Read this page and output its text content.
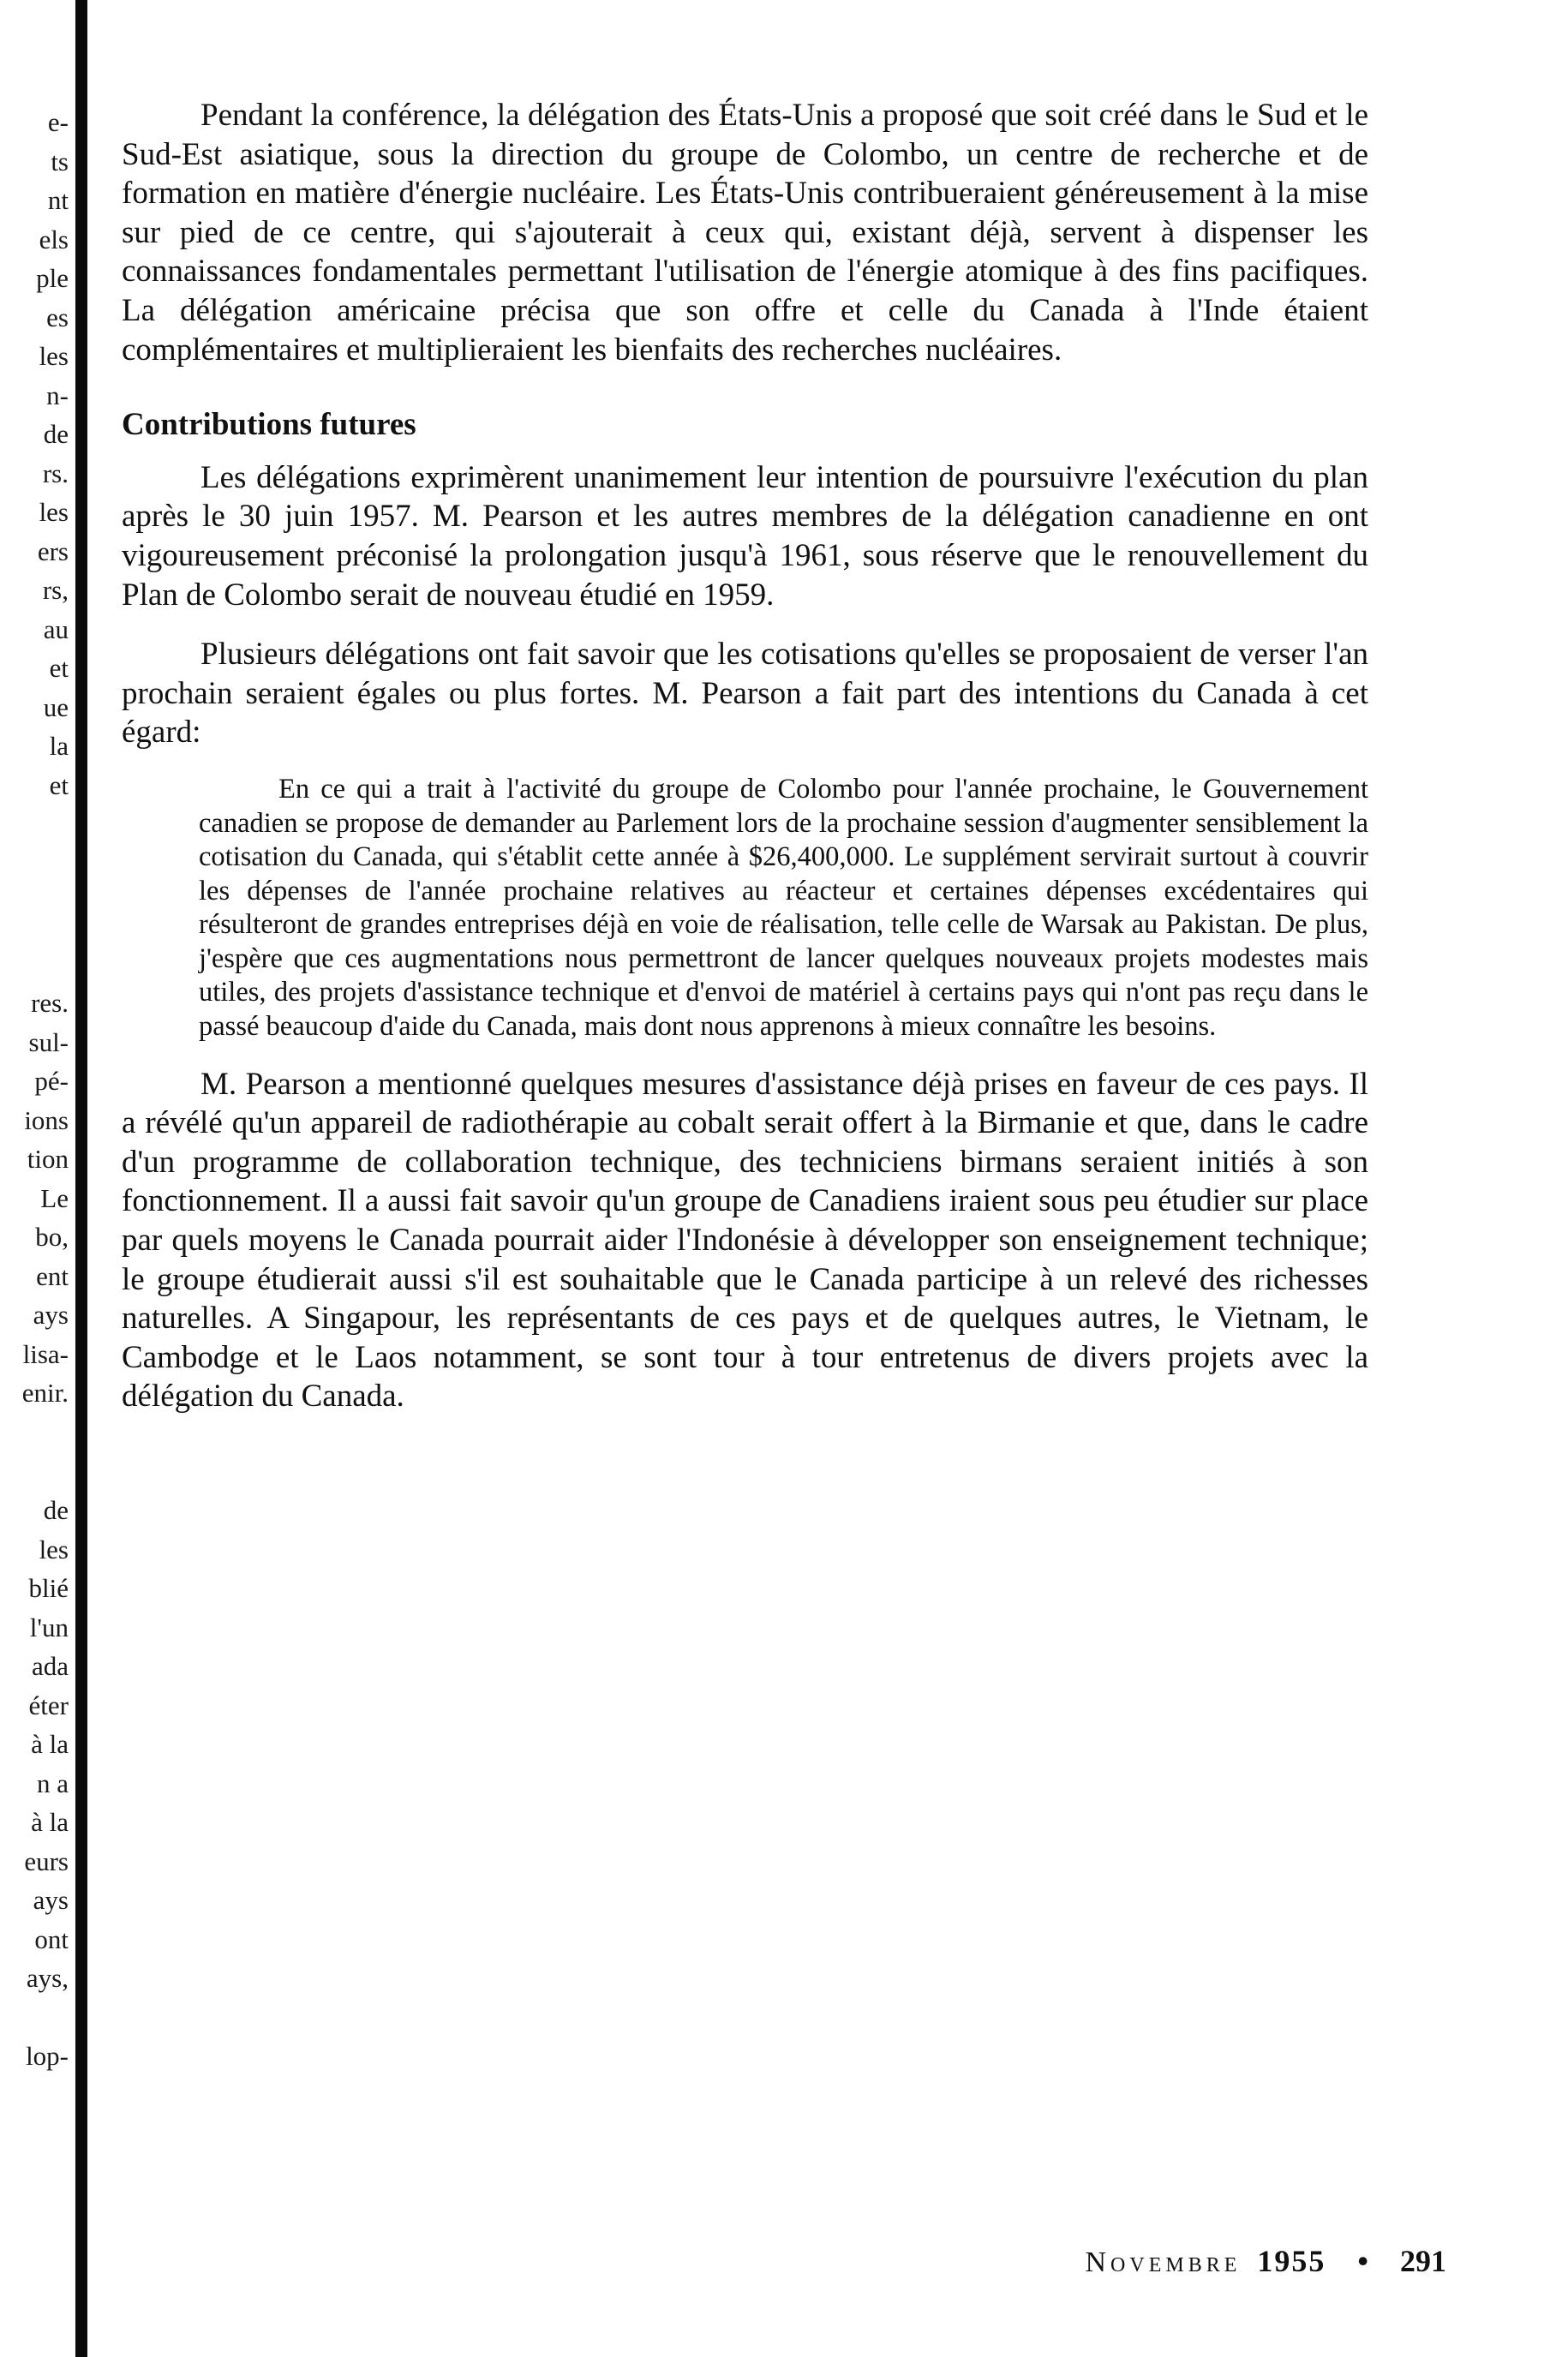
e-
ts
nt
els
ple
es
les
n-
de
rs.
les
ers
rs,
au
et
ue
la
et
res.
sul-
pé-
ions
tion
Le
bo,
ent
ays
lisa-
enir.
de
les
blié
l'un
ada
éter
à la
n a
à la
eurs
ays
ont
ays,
lop-

Pendant la conférence, la délégation des États-Unis a proposé que soit créé dans le Sud et le Sud-Est asiatique, sous la direction du groupe de Colombo, un centre de recherche et de formation en matière d'énergie nucléaire. Les États-Unis contribueraient généreusement à la mise sur pied de ce centre, qui s'ajouterait à ceux qui, existant déjà, servent à dispenser les connaissances fondamentales permettant l'utilisation de l'énergie atomique à des fins pacifiques. La délégation américaine précisa que son offre et celle du Canada à l'Inde étaient complémentaires et multiplieraient les bienfaits des recherches nucléaires.

Contributions futures

Les délégations exprimèrent unanimement leur intention de poursuivre l'exécution du plan après le 30 juin 1957. M. Pearson et les autres membres de la délégation canadienne en ont vigoureusement préconisé la prolongation jusqu'à 1961, sous réserve que le renouvellement du Plan de Colombo serait de nouveau étudié en 1959.

Plusieurs délégations ont fait savoir que les cotisations qu'elles se proposaient de verser l'an prochain seraient égales ou plus fortes. M. Pearson a fait part des intentions du Canada à cet égard:

En ce qui a trait à l'activité du groupe de Colombo pour l'année prochaine, le Gouvernement canadien se propose de demander au Parlement lors de la prochaine session d'augmenter sensiblement la cotisation du Canada, qui s'établit cette année à $26,400,000. Le supplément servirait surtout à couvrir les dépenses de l'année prochaine relatives au réacteur et certaines dépenses excédentaires qui résulteront de grandes entreprises déjà en voie de réalisation, telle celle de Warsak au Pakistan. De plus, j'espère que ces augmentations nous permettront de lancer quelques nouveaux projets modestes mais utiles, des projets d'assistance technique et d'envoi de matériel à certains pays qui n'ont pas reçu dans le passé beaucoup d'aide du Canada, mais dont nous apprenons à mieux connaître les besoins.

M. Pearson a mentionné quelques mesures d'assistance déjà prises en faveur de ces pays. Il a révélé qu'un appareil de radiothérapie au cobalt serait offert à la Birmanie et que, dans le cadre d'un programme de collaboration technique, des techniciens birmans seraient initiés à son fonctionnement. Il a aussi fait savoir qu'un groupe de Canadiens iraient sous peu étudier sur place par quels moyens le Canada pourrait aider l'Indonésie à développer son enseignement technique; le groupe étudierait aussi s'il est souhaitable que le Canada participe à un relevé des richesses naturelles. A Singapour, les représentants de ces pays et de quelques autres, le Vietnam, le Cambodge et le Laos notamment, se sont tour à tour entretenus de divers projets avec la délégation du Canada.

Novembre 1955 • 291
